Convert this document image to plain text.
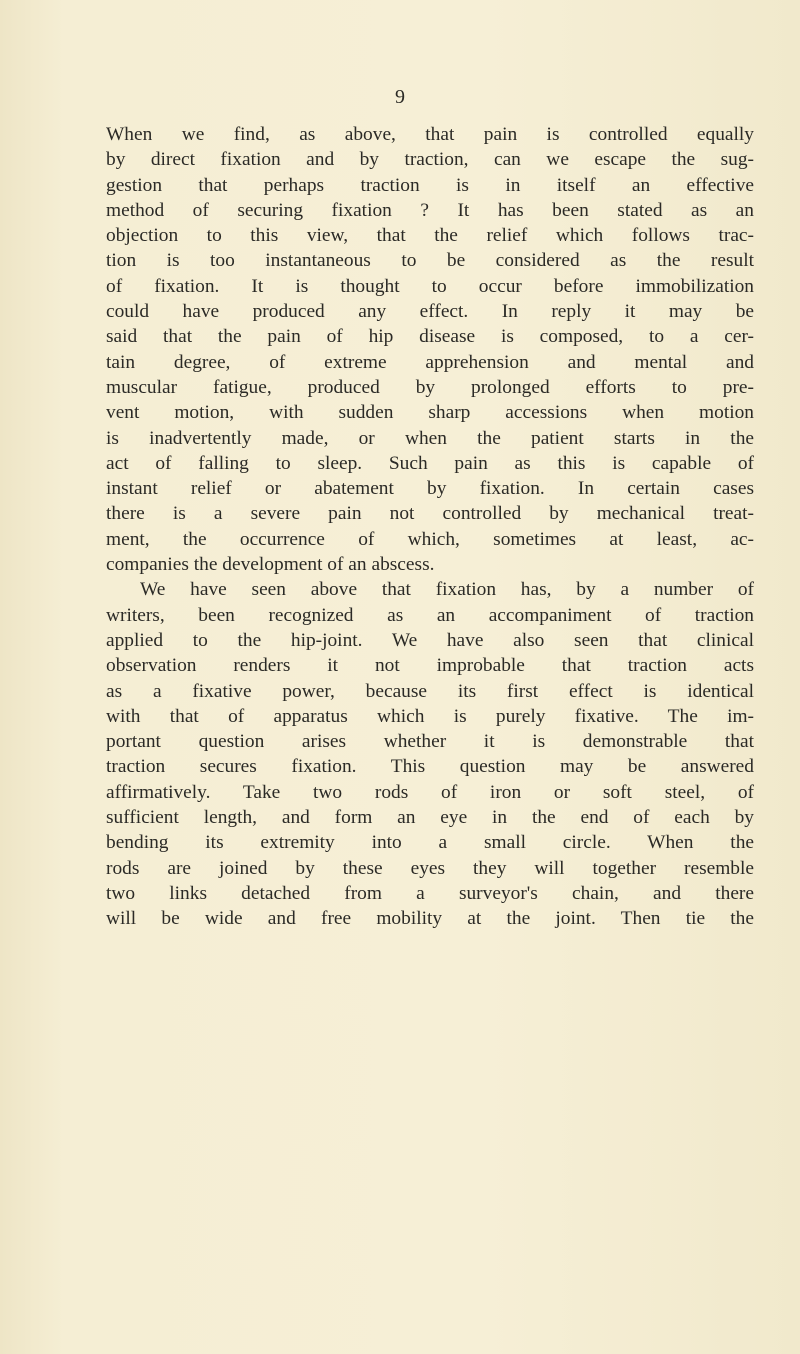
9
When we find, as above, that pain is controlled equally
by direct fixation and by traction, can we escape the sug-
gestion that perhaps traction is in itself an effective
method of securing fixation ? It has been stated as an
objection to this view, that the relief which follows trac-
tion is too instantaneous to be considered as the result
of fixation. It is thought to occur before immobilization
could have produced any effect. In reply it may be
said that the pain of hip disease is composed, to a cer-
tain degree, of extreme apprehension and mental and
muscular fatigue, produced by prolonged efforts to pre-
vent motion, with sudden sharp accessions when motion
is inadvertently made, or when the patient starts in the
act of falling to sleep. Such pain as this is capable of
instant relief or abatement by fixation. In certain cases
there is a severe pain not controlled by mechanical treat-
ment, the occurrence of which, sometimes at least, ac-
companies the development of an abscess.
We have seen above that fixation has, by a number of
writers, been recognized as an accompaniment of traction
applied to the hip-joint. We have also seen that clinical
observation renders it not improbable that traction acts
as a fixative power, because its first effect is identical
with that of apparatus which is purely fixative. The im-
portant question arises whether it is demonstrable that
traction secures fixation. This question may be answered
affirmatively. Take two rods of iron or soft steel, of
sufficient length, and form an eye in the end of each by
bending its extremity into a small circle. When the
rods are joined by these eyes they will together resemble
two links detached from a surveyor's chain, and there
will be wide and free mobility at the joint. Then tie the
